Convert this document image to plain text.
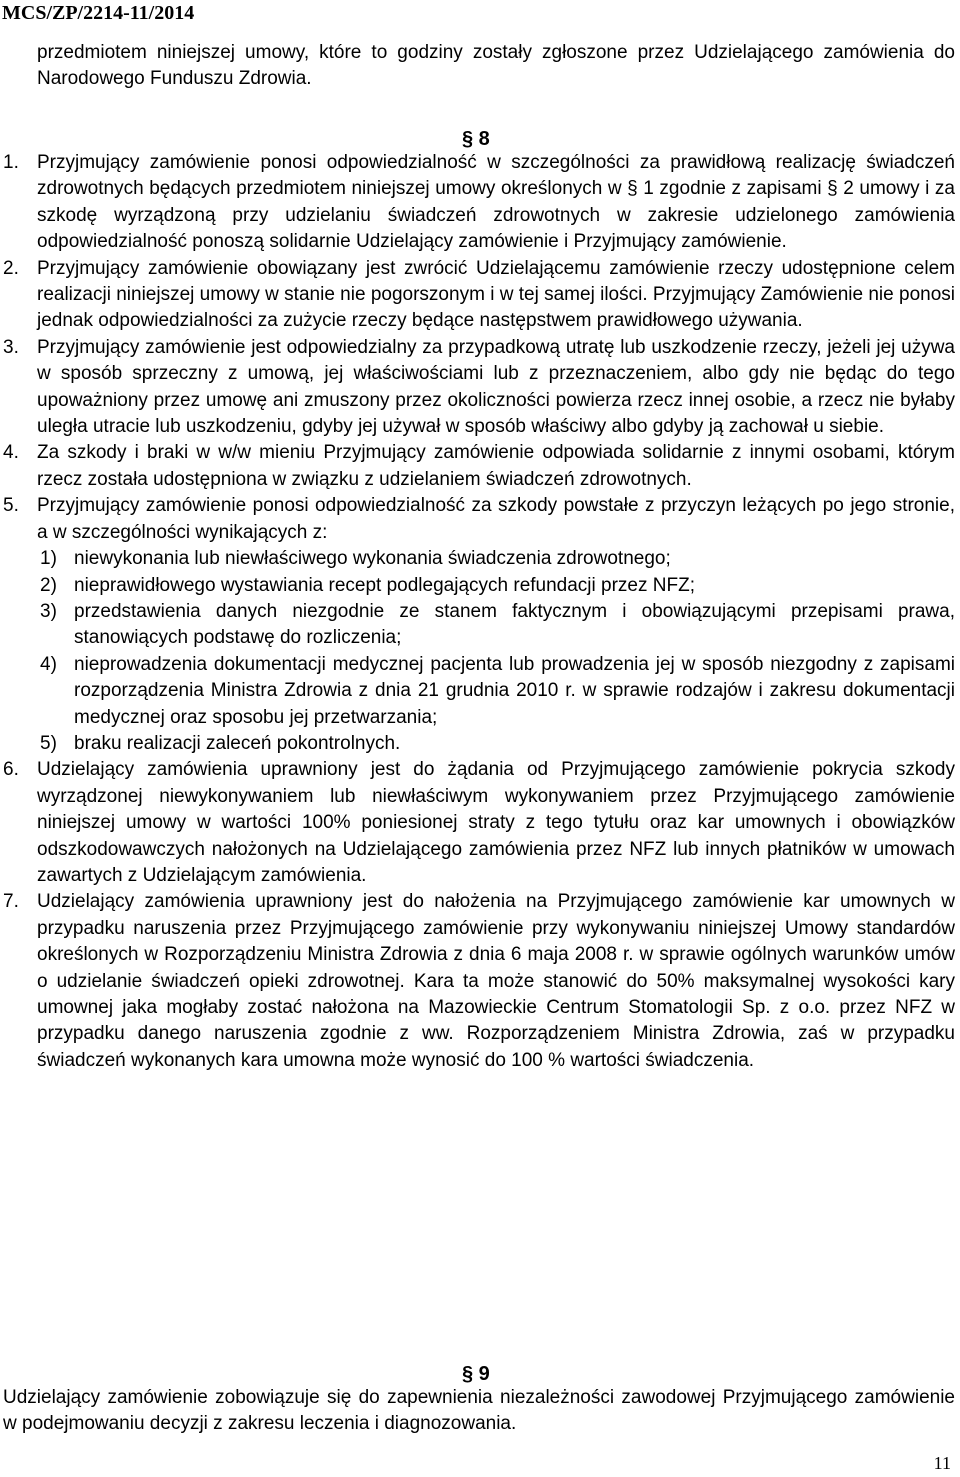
MCS/ZP/2214-11/2014

przedmiotem niniejszej umowy, które to godziny zostały zgłoszone przez Udzielającego zamówienia do Narodowego Funduszu Zdrowia.

§ 8
1. Przyjmujący zamówienie ponosi odpowiedzialność w szczególności za prawidłową realizację świadczeń zdrowotnych będących przedmiotem niniejszej umowy określonych w § 1 zgodnie z zapisami § 2 umowy i za szkodę wyrządzoną przy udzielaniu świadczeń zdrowotnych w zakresie udzielonego zamówienia odpowiedzialność ponoszą solidarnie Udzielający zamówienie i Przyjmujący zamówienie.

2. Przyjmujący zamówienie obowiązany jest zwrócić Udzielającemu zamówienie rzeczy udostępnione celem realizacji niniejszej umowy w stanie nie pogorszonym i w tej samej ilości. Przyjmujący Zamówienie nie ponosi jednak odpowiedzialności za zużycie rzeczy będące następstwem prawidłowego używania.

3. Przyjmujący zamówienie jest odpowiedzialny za przypadkową utratę lub uszkodzenie rzeczy, jeżeli jej używa w sposób sprzeczny z umową, jej właściwościami lub z przeznaczeniem, albo gdy nie będąc do tego upoważniony przez umowę ani zmuszony przez okoliczności powierza rzecz innej osobie, a rzecz nie byłaby uległa utracie lub uszkodzeniu, gdyby jej używał w sposób właściwy albo gdyby ją zachował u siebie.

4. Za szkody i braki w w/w mieniu Przyjmujący zamówienie odpowiada solidarnie z innymi osobami, którym rzecz została udostępniona w związku z udzielaniem świadczeń zdrowotnych.

5. Przyjmujący zamówienie ponosi odpowiedzialność za szkody powstałe z przyczyn leżących po jego stronie, a w szczególności wynikających z:

1) niewykonania lub niewłaściwego wykonania świadczenia zdrowotnego;

2) nieprawidłowego wystawiania recept podlegających refundacji przez NFZ;

3) przedstawienia danych niezgodnie ze stanem faktycznym i obowiązującymi przepisami prawa, stanowiących podstawę do rozliczenia;

4) nieprowadzenia dokumentacji medycznej pacjenta lub prowadzenia jej w sposób niezgodny z zapisami rozporządzenia Ministra Zdrowia z dnia 21 grudnia 2010 r. w sprawie rodzajów i zakresu dokumentacji medycznej oraz sposobu jej przetwarzania;

5) braku realizacji zaleceń pokontrolnych.

6. Udzielający zamówienia uprawniony jest do żądania od Przyjmującego zamówienie pokrycia szkody wyrządzonej niewykonywaniem lub niewłaściwym wykonywaniem przez Przyjmującego zamówienie niniejszej umowy w wartości 100% poniesionej straty z tego tytułu oraz kar umownych i obowiązków odszkodowawczych nałożonych na Udzielającego zamówienia przez NFZ lub innych płatników w umowach zawartych z Udzielającym zamówienia.

7. Udzielający zamówienia uprawniony jest do nałożenia na Przyjmującego zamówienie kar umownych w przypadku naruszenia przez Przyjmującego zamówienie przy wykonywaniu niniejszej Umowy standardów określonych w Rozporządzeniu Ministra Zdrowia z dnia 6 maja 2008 r. w sprawie ogólnych warunków umów o udzielanie świadczeń opieki zdrowotnej. Kara ta może stanowić do 50% maksymalnej wysokości kary umownej jaka mogłaby zostać nałożona na Mazowieckie Centrum Stomatologii Sp. z o.o. przez NFZ w przypadku danego naruszenia zgodnie z ww. Rozporządzeniem Ministra Zdrowia, zaś w przypadku świadczeń wykonanych kara umowna może wynosić do 100 % wartości świadczenia.

§ 9

Udzielający zamówienie zobowiązuje się do zapewnienia niezależności zawodowej Przyjmującego zamówienie w podejmowaniu decyzji z zakresu leczenia i diagnozowania.

11
